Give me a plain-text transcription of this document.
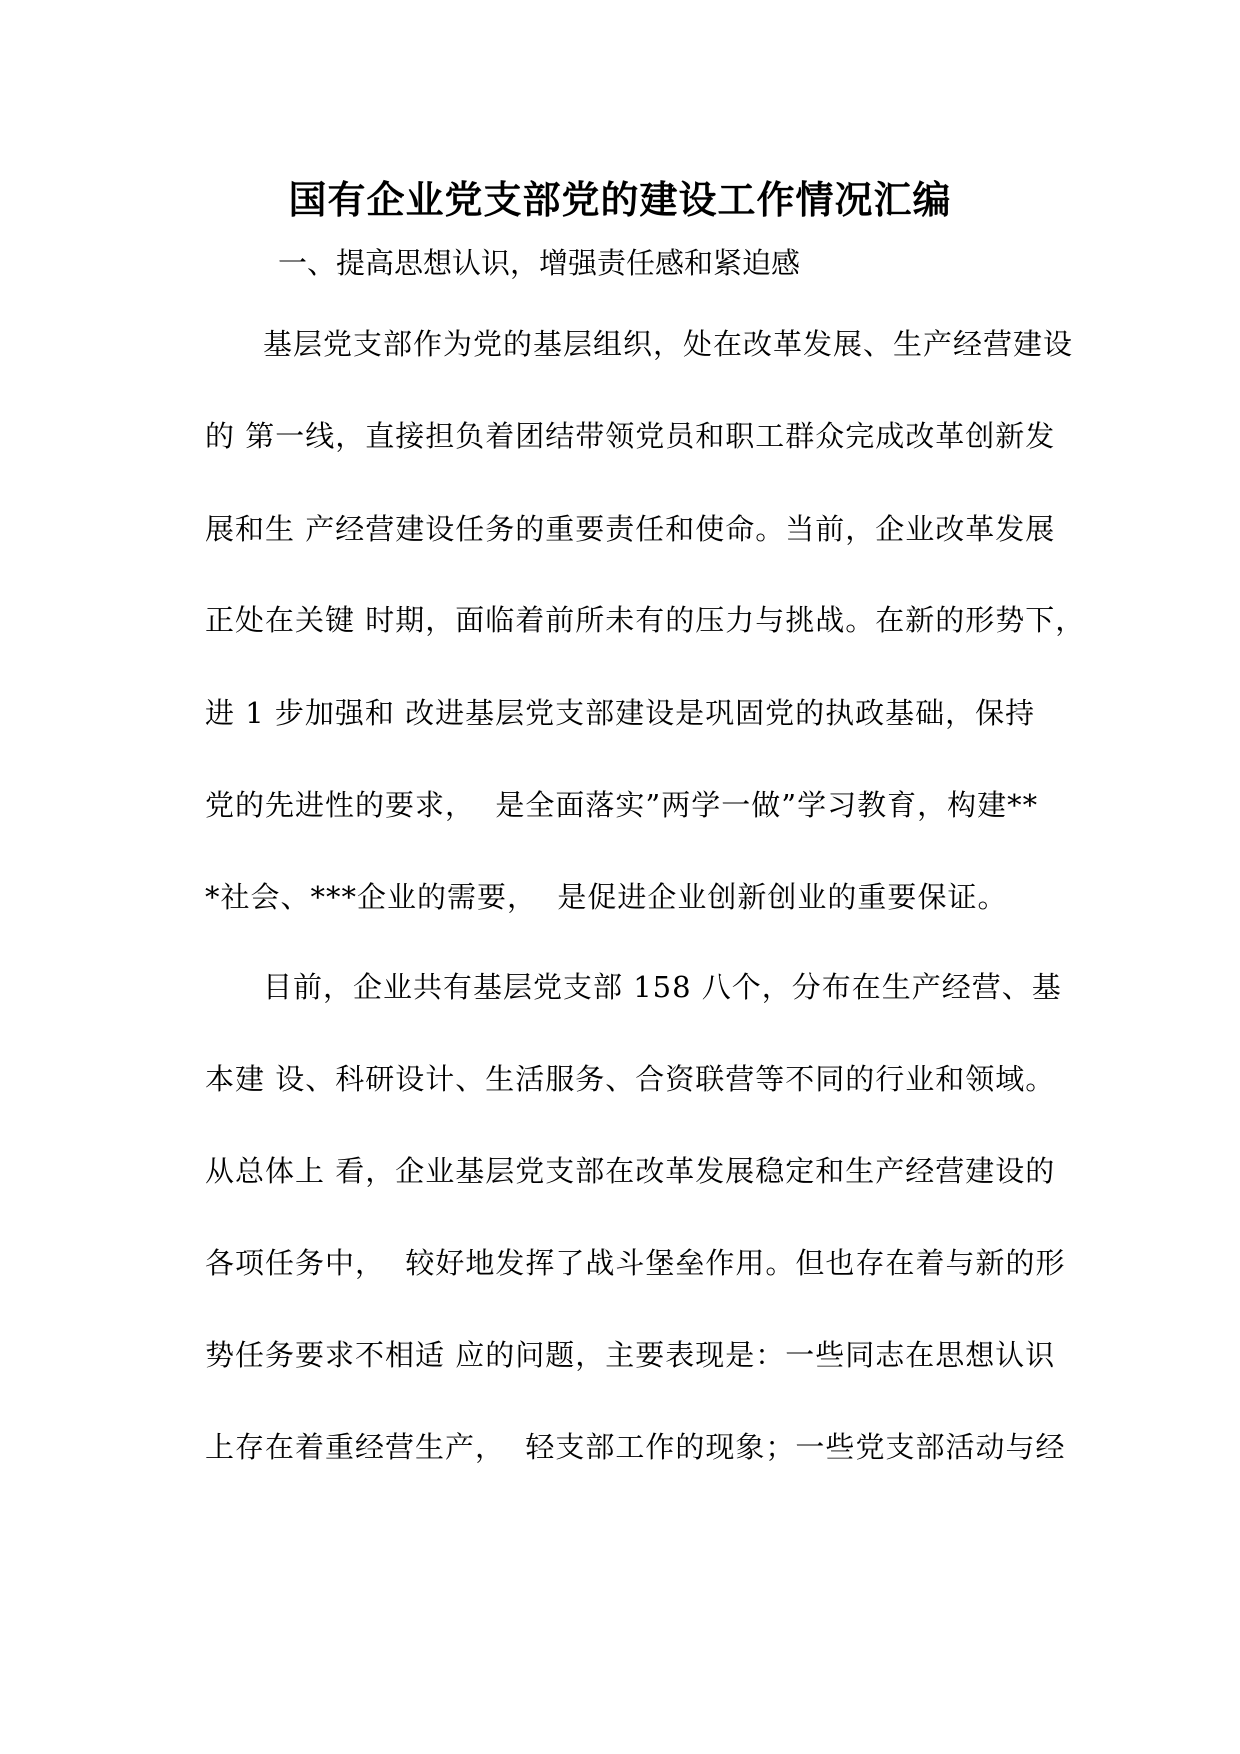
国有企业党支部党的建设工作情况汇编

一、提高思想认识，增强责任感和紧迫感

基层党支部作为党的基层组织，处在改革发展、生产经营建设

的 第一线，直接担负着团结带领党员和职工群众完成改革创新发

展和生 产经营建设任务的重要责任和使命。当前，企业改革发展

正处在关键 时期，面临着前所未有的压力与挑战。在新的形势下，

进 1 步加强和 改进基层党支部建设是巩固党的执政基础，保持

党的先进性的要求，  是全面落实”两学一做”学习教育，构建**

*社会、***企业的需要，  是促进企业创新创业的重要保证。

目前，企业共有基层党支部 158 八个，分布在生产经营、基

本建 设、科研设计、生活服务、合资联营等不同的行业和领域。

从总体上 看，企业基层党支部在改革发展稳定和生产经营建设的

各项任务中，  较好地发挥了战斗堡垒作用。但也存在着与新的形

势任务要求不相适 应的问题，主要表现是：一些同志在思想认识

上存在着重经营生产，  轻支部工作的现象；一些党支部活动与经
